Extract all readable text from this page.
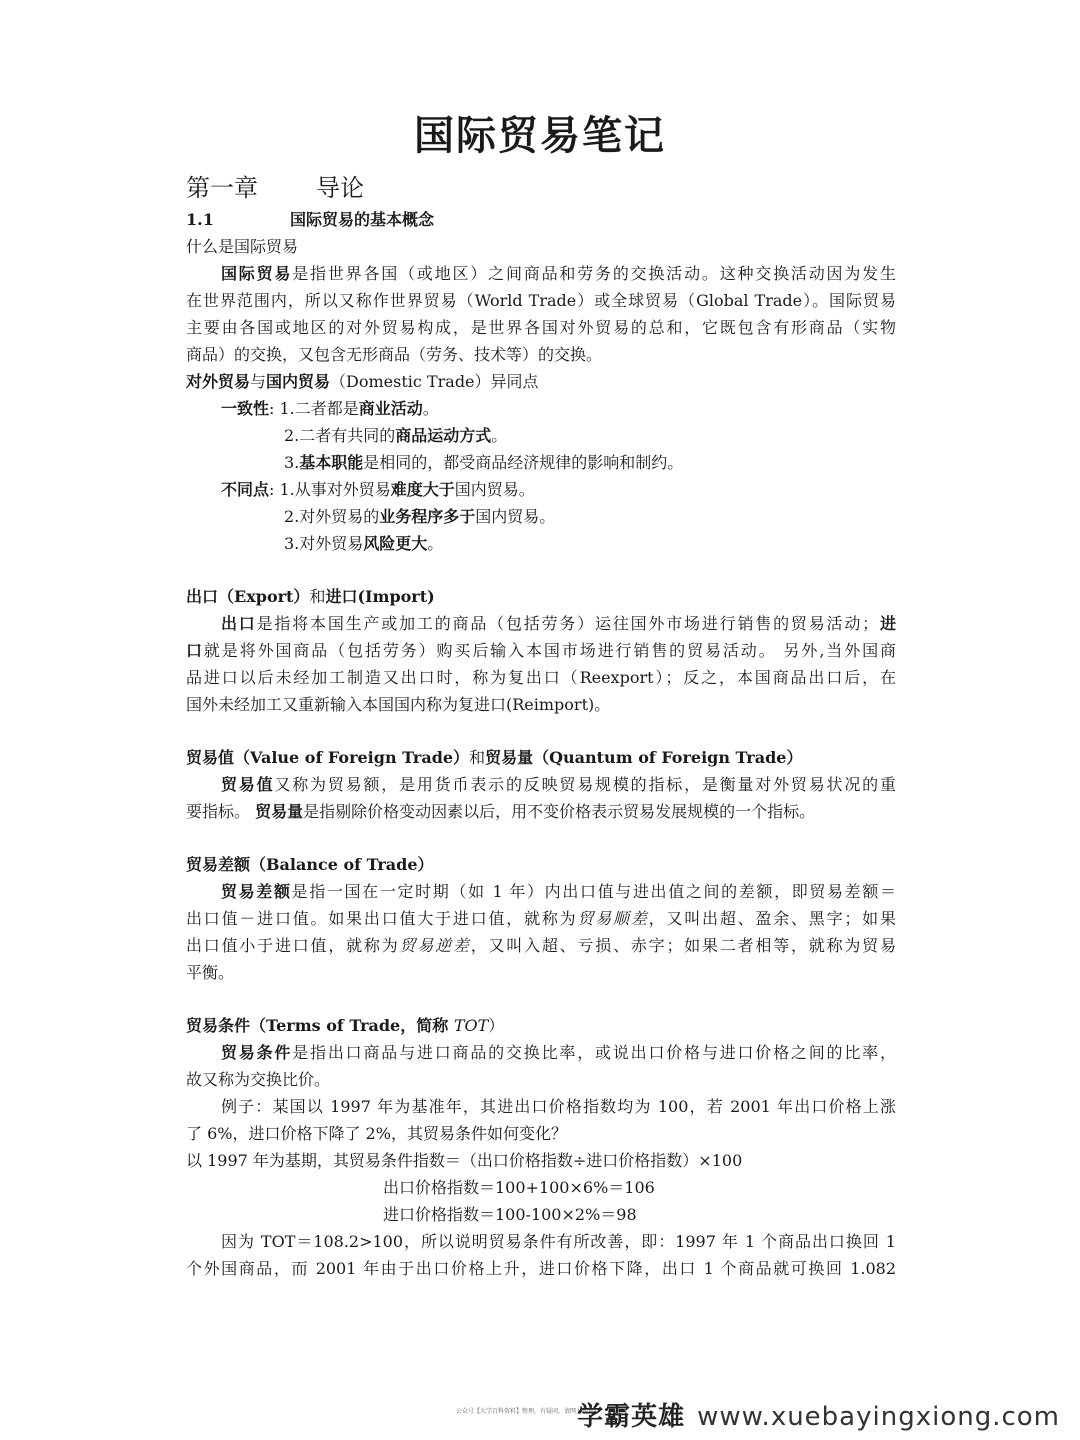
国际贸易笔记
第一章 导论
1.1	国际贸易的基本概念
什么是国际贸易
国际贸易是指世界各国（或地区）之间商品和劳务的交换活动。这种交换活动因为发生
在世界范围内，所以又称作世界贸易（World Trade）或全球贸易（Global Trade）。国际贸易
主要由各国或地区的对外贸易构成，是世界各国对外贸易的总和，它既包含有形商品（实物
商品）的交换，又包含无形商品（劳务、技术等）的交换。
对外贸易与国内贸易（Domestic Trade）异同点
一致性: 1.二者都是商业活动。
2.二者有共同的商品运动方式。
3.基本职能是相同的，都受商品经济规律的影响和制约。
不同点: 1.从事对外贸易难度大于国内贸易。
2.对外贸易的业务程序多于国内贸易。
3.对外贸易风险更大。
出口（Export）和进口(Import)
出口是指将本国生产或加工的商品（包括劳务）运往国外市场进行销售的贸易活动；进
口就是将外国商品（包括劳务）购买后输入本国市场进行销售的贸易活动。 另外,当外国商
品进口以后未经加工制造又出口时，称为复出口（Reexport）；反之，本国商品出口后，在
国外未经加工又重新输入本国国内称为复进口(Reimport)。
贸易值（Value of Foreign Trade）和贸易量（Quantum of Foreign Trade）
贸易值又称为贸易额，是用货币表示的反映贸易规模的指标，是衡量对外贸易状况的重
要指标。 贸易量是指剔除价格变动因素以后，用不变价格表示贸易发展规模的一个指标。
贸易差额（Balance of Trade）
贸易差额是指一国在一定时期（如 1 年）内出口值与进出值之间的差额，即贸易差额＝
出口值－进口值。如果出口值大于进口值，就称为贸易顺差，又叫出超、盈余、黑字；如果
出口值小于进口值，就称为贸易逆差，又叫入超、亏损、赤字；如果二者相等，就称为贸易
平衡。
贸易条件（Terms of Trade，简称 TOT）
贸易条件是指出口商品与进口商品的交换比率，或说出口价格与进口价格之间的比率，
故又称为交换比价。
例子：某国以 1997 年为基准年，其进出口价格指数均为 100，若 2001 年出口价格上涨
了 6%，进口价格下降了 2%，其贸易条件如何变化？
以 1997 年为基期，其贸易条件指数＝（出口价格指数÷进口价格指数）×100
出口价格指数＝100+100×6%＝106
进口价格指数＝100-100×2%＝98
因为 TOT＝108.2>100，所以说明贸易条件有所改善，即：1997 年 1 个商品出口换回 1
个外国商品，而 2001 年由于出口价格上升，进口价格下降，出口 1 个商品就可换回 1.082
公众号【大学百科资料】整理，有疑问，请网上搜索
学霸英雄 www.xuebayingxiong.com
